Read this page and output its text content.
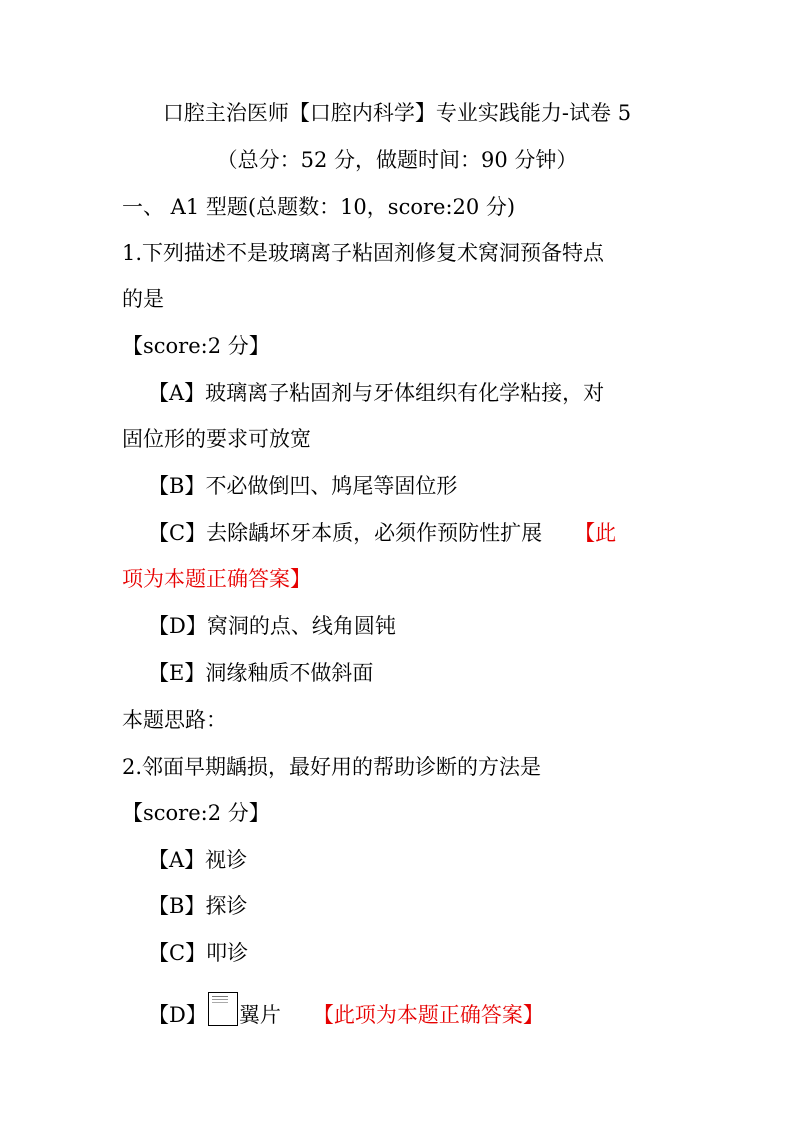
口腔主治医师【口腔内科学】专业实践能力-试卷 5
（总分：52 分，做题时间：90 分钟）
一、 A1 型题(总题数：10，score:20 分)
1.下列描述不是玻璃离子粘固剂修复术窝洞预备特点
的是
【score:2 分】
【A】玻璃离子粘固剂与牙体组织有化学粘接，对
固位形的要求可放宽
【B】不必做倒凹、鸠尾等固位形
【C】去除龋坏牙本质，必须作预防性扩展 【此
项为本题正确答案】
【D】窝洞的点、线角圆钝
【E】洞缘釉质不做斜面
本题思路：
2.邻面早期龋损，最好用的帮助诊断的方法是
【score:2 分】
【A】视诊
【B】探诊
【C】叩诊
【D】 翼片 【此项为本题正确答案】
